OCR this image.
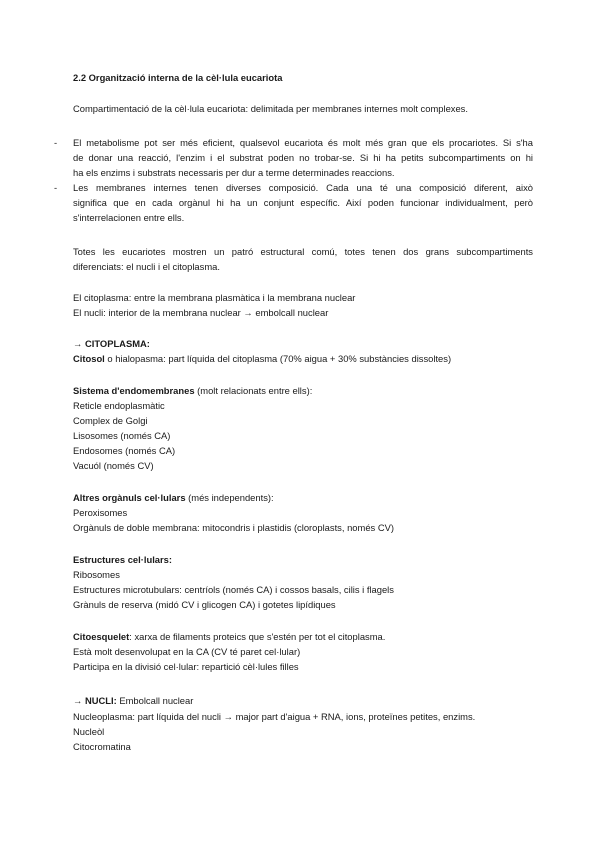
2.2 Organització interna de la cèl·lula eucariota
Compartimentació de la cèl·lula eucariota: delimitada per membranes internes molt complexes.
- El metabolisme pot ser més eficient, qualsevol eucariota és molt més gran que els procariotes. Si s'ha
de donar una reacció, l'enzim i el substrat poden no trobar-se. Si hi ha petits subcompartiments on hi
ha els enzims i substrats necessaris per dur a terme determinades reaccions.
- Les membranes internes tenen diverses composició. Cada una té una composició diferent, això
significa que en cada orgànul hi ha un conjunt específic. Així poden funcionar individualment, però
s'interrelacionen entre ells.
Totes les eucariotes mostren un patró estructural comú, totes tenen dos grans subcompartiments
diferenciats: el nucli i el citoplasma.
El citoplasma: entre la membrana plasmàtica i la membrana nuclear
El nucli: interior de la membrana nuclear → embolcall nuclear
→ CITOPLASMA:
Citosol o hialopasma: part líquida del citoplasma (70% aigua + 30% substàncies dissoltes)
Sistema d'endomembranes (molt relacionats entre ells):
Reticle endoplasmàtic
Complex de Golgi
Lisosomes (només CA)
Endosomes (només CA)
Vacuól (només CV)
Altres orgànuls cel·lulars (més independents):
Peroxisomes
Orgànuls de doble membrana: mitocondris i plastidis (cloroplasts, només CV)
Estructures cel·lulars:
Ribosomes
Estructures microtubulars: centríols (només CA) i cossos basals, cilis i flagels
Grànuls de reserva (midó CV i glicogen CA) i gotetes lipídiques
Citoesquelet: xarxa de filaments proteics que s'estén per tot el citoplasma.
Està molt desenvolupat en la CA (CV té paret cel·lular)
Participa en la divisió cel·lular: repartició cèl·lules filles
→ NUCLI: Embolcall nuclear
Nucleoplasma: part líquida del nucli → major part d'aigua + RNA, ions, proteïnes petites, enzims.
Nucleòl
Citocromatina
